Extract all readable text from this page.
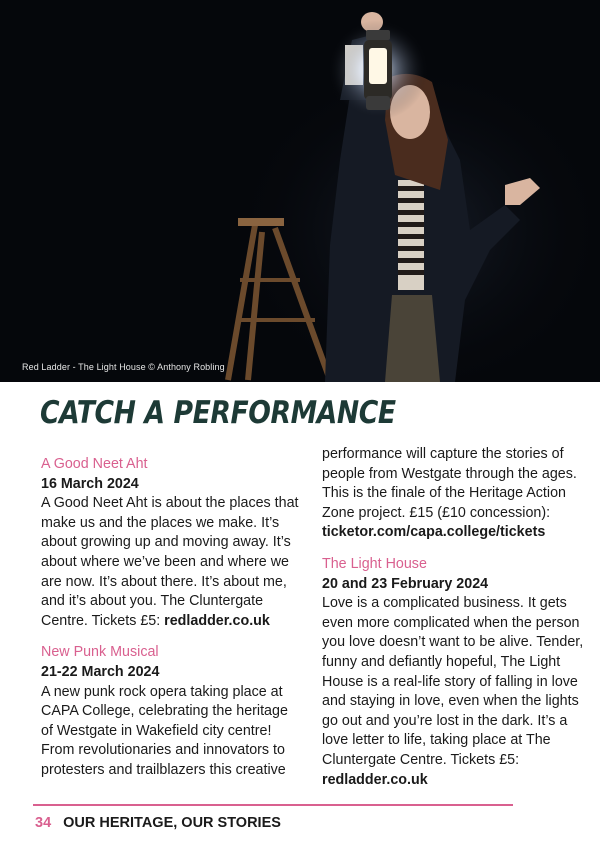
Red Ladder - The Light House © Anthony Robling
CATCH A PERFORMANCE
A Good Neet Aht
16 March 2024
A Good Neet Aht is about the places that make us and the places we make. It’s about growing up and moving away. It’s about where we’ve been and where we are now. It’s about there. It’s about me, and it’s about you. The Cluntergate Centre. Tickets £5: redladder.co.uk
New Punk Musical
21-22 March 2024
A new punk rock opera taking place at CAPA College, celebrating the heritage of Westgate in Wakefield city centre! From revolutionaries and innovators to protesters and trailblazers this creative
performance will capture the stories of people from Westgate through the ages. This is the finale of the Heritage Action Zone project. £15 (£10 concession): ticketor.com/capa.college/tickets
The Light House
20 and 23 February 2024
Love is a complicated business. It gets even more complicated when the person you love doesn’t want to be alive. Tender, funny and defiantly hopeful, The Light House is a real-life story of falling in love and staying in love, even when the lights go out and you’re lost in the dark. It’s a love letter to life, taking place at The Cluntergate Centre. Tickets £5: redladder.co.uk
34 OUR HERITAGE, OUR STORIES
